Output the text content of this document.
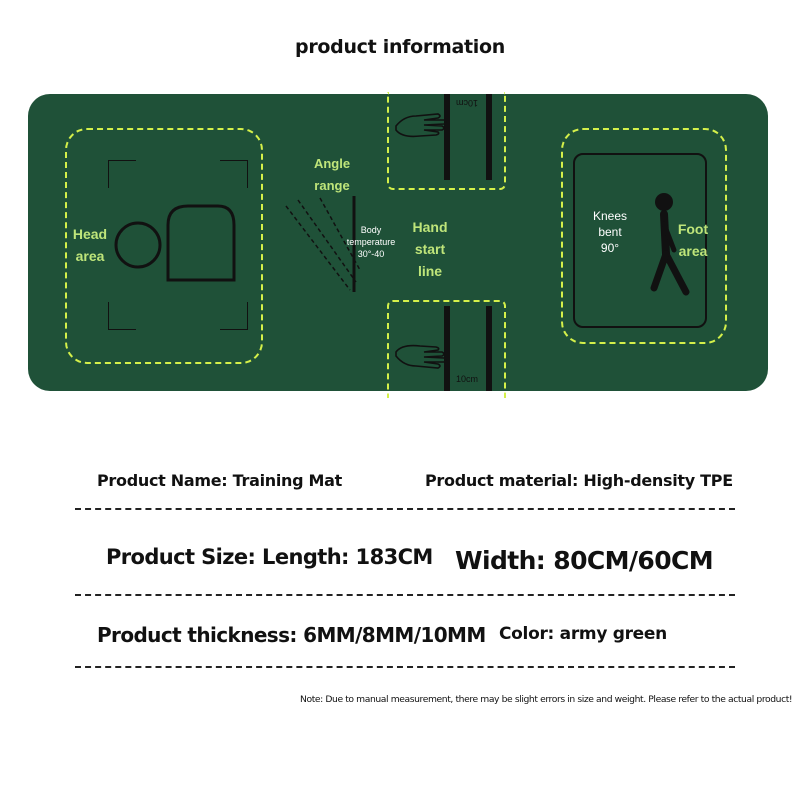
product information
Head
area
Angle
range
Body
temperature
30°-40
10cm
Hand
start
line
10cm
Knees
bent
90°
Foot
area
Product Name: Training Mat	Product material: High-density TPE
Product Size: Length: 183CM Width: 80CM/60CM
Product thickness: 6MM/8MM/10MM Color: army green
Note: Due to manual measurement, there may be slight errors in size and weight. Please refer to the actual product!
